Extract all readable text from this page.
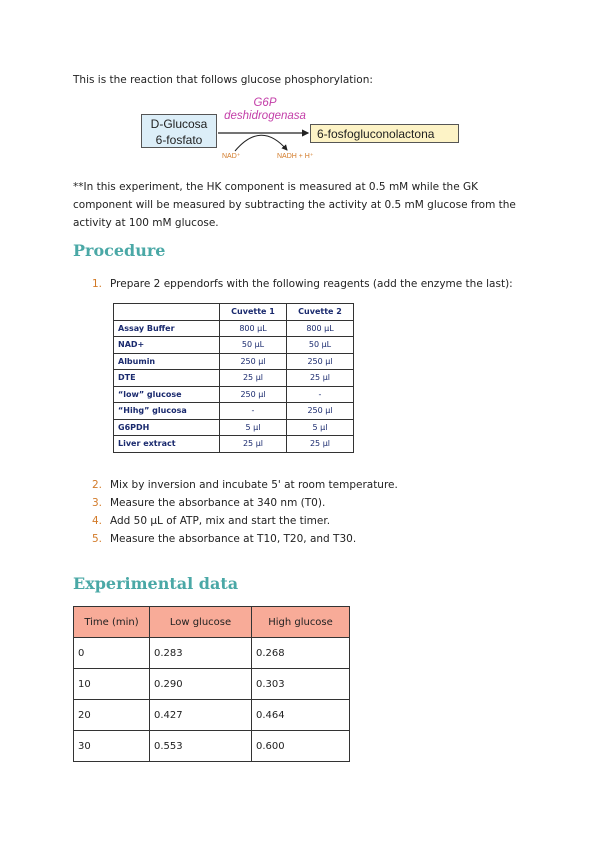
This is the reaction that follows glucose phosphorylation:
D-Glucosa
6-fosfato
G6P
deshidrogenasa
6-fosfogluconolactona
NAD⁺	NADH + H⁺
**In this experiment, the HK component is measured at 0.5 mM while the GK component will be measured by subtracting the activity at 0.5 mM glucose from the activity at 100 mM glucose.
Procedure
1. Prepare 2 eppendorfs with the following reagents (add the enzyme the last):
	Cuvette 1	Cuvette 2
Assay Buffer	800 µL	800 µL
NAD+	50 µL	50 µL
Albumin	250 µl	250 µl
DTE	25 µl	25 µl
“low” glucose	250 µl	-
“Hihg” glucosa	-	250 µl
G6PDH	5 µl	5 µl
Liver extract	25 µl	25 µl
2. Mix by inversion and incubate 5' at room temperature.
3. Measure the absorbance at 340 nm (T0).
4. Add 50 µL of ATP, mix and start the timer.
5. Measure the absorbance at T10, T20, and T30.
Experimental data
Time (min)	Low glucose	High glucose
0	0.283	0.268
10	0.290	0.303
20	0.427	0.464
30	0.553	0.600
